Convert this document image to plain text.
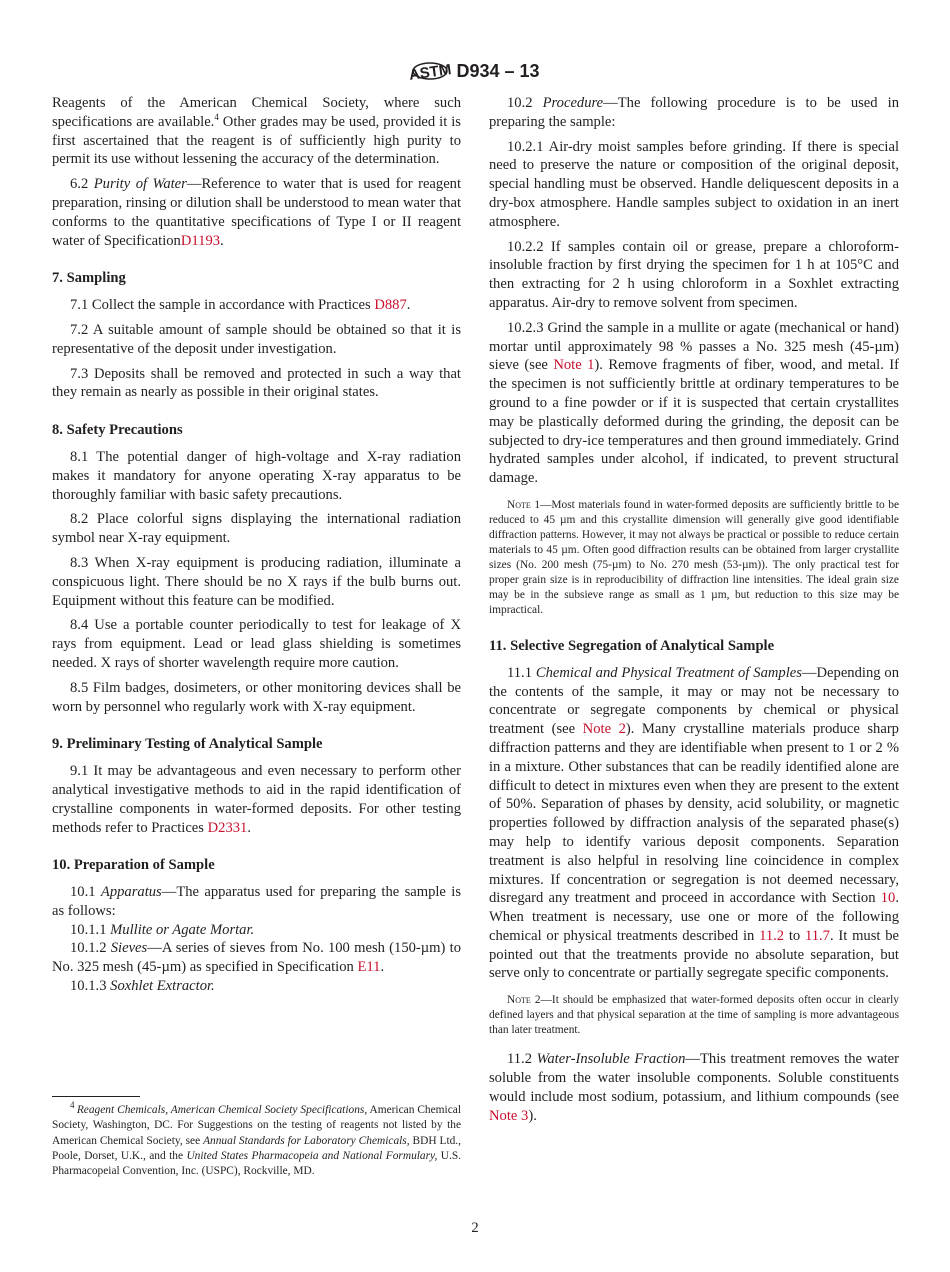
ASTM D934 – 13
Reagents of the American Chemical Society, where such specifications are available.$^4$ Other grades may be used, provided it is first ascertained that the reagent is of sufficiently high purity to permit its use without lessening the accuracy of the determination.
6.2 Purity of Water—Reference to water that is used for reagent preparation, rinsing or dilution shall be understood to mean water that conforms to the quantitative specifications of Type I or II reagent water of SpecificationD1193.
7. Sampling
7.1 Collect the sample in accordance with Practices D887.
7.2 A suitable amount of sample should be obtained so that it is representative of the deposit under investigation.
7.3 Deposits shall be removed and protected in such a way that they remain as nearly as possible in their original states.
8. Safety Precautions
8.1 The potential danger of high-voltage and X-ray radiation makes it mandatory for anyone operating X-ray apparatus to be thoroughly familiar with basic safety precautions.
8.2 Place colorful signs displaying the international radiation symbol near X-ray equipment.
8.3 When X-ray equipment is producing radiation, illuminate a conspicuous light. There should be no X rays if the bulb burns out. Equipment without this feature can be modified.
8.4 Use a portable counter periodically to test for leakage of X rays from equipment. Lead or lead glass shielding is sometimes needed. X rays of shorter wavelength require more caution.
8.5 Film badges, dosimeters, or other monitoring devices shall be worn by personnel who regularly work with X-ray equipment.
9. Preliminary Testing of Analytical Sample
9.1 It may be advantageous and even necessary to perform other analytical investigative methods to aid in the rapid identification of crystalline components in water-formed deposits. For other testing methods refer to Practices D2331.
10. Preparation of Sample
10.1 Apparatus—The apparatus used for preparing the sample is as follows:
10.1.1 Mullite or Agate Mortar.
10.1.2 Sieves—A series of sieves from No. 100 mesh (150-µm) to No. 325 mesh (45-µm) as specified in Specification E11.
10.1.3 Soxhlet Extractor.
10.2 Procedure—The following procedure is to be used in preparing the sample:
10.2.1 Air-dry moist samples before grinding. If there is special need to preserve the nature or composition of the original deposit, special handling must be observed. Handle deliquescent deposits in a dry-box atmosphere. Handle samples subject to oxidation in an inert atmosphere.
10.2.2 If samples contain oil or grease, prepare a chloroform-insoluble fraction by first drying the specimen for 1 h at 105°C and then extracting for 2 h using chloroform in a Soxhlet extracting apparatus. Air-dry to remove solvent from specimen.
10.2.3 Grind the sample in a mullite or agate (mechanical or hand) mortar until approximately 98 % passes a No. 325 mesh (45-µm) sieve (see Note 1). Remove fragments of fiber, wood, and metal. If the specimen is not sufficiently brittle at ordinary temperatures to be ground to a fine powder or if it is suspected that certain crystallites may be plastically deformed during the grinding, the deposit can be subjected to dry-ice temperatures and then ground immediately. Grind hydrated samples under alcohol, if indicated, to prevent structural damage.
Note 1—Most materials found in water-formed deposits are sufficiently brittle to be reduced to 45 µm and this crystallite dimension will generally give good identifiable diffraction patterns. However, it may not always be practical or possible to reduce certain materials to 45 µm. Often good diffraction results can be obtained from larger crystallite sizes (No. 200 mesh (75-µm) to No. 270 mesh (53-µm)). The only practical test for proper grain size is in reproducibility of diffraction line intensities. The ideal grain size may be in the subsieve range as small as 1 µm, but reduction to this size may be impractical.
11. Selective Segregation of Analytical Sample
11.1 Chemical and Physical Treatment of Samples—Depending on the contents of the sample, it may or may not be necessary to concentrate or segregate components by chemical or physical treatment (see Note 2). Many crystalline materials produce sharp diffraction patterns and they are identifiable when present to 1 or 2 % in a mixture. Other substances that can be readily identified alone are difficult to detect in mixtures even when they are present to the extent of 50%. Separation of phases by density, acid solubility, or magnetic properties followed by diffraction analysis of the separated phase(s) may help to identify various deposit components. Separation treatment is also helpful in resolving line coincidence in complex mixtures. If concentration or segregation is not deemed necessary, disregard any treatment and proceed in accordance with Section 10. When treatment is necessary, use one or more of the following chemical or physical treatments described in 11.2 to 11.7. It must be pointed out that the treatments provide no absolute separation, but serve only to concentrate or partially segregate specific components.
Note 2—It should be emphasized that water-formed deposits often occur in clearly defined layers and that physical separation at the time of sampling is more advantageous than later treatment.
11.2 Water-Insoluble Fraction—This treatment removes the water soluble from the water insoluble components. Soluble constituents would include most sodium, potassium, and lithium compounds (see Note 3).
$^4$ Reagent Chemicals, American Chemical Society Specifications, American Chemical Society, Washington, DC. For Suggestions on the testing of reagents not listed by the American Chemical Society, see Annual Standards for Laboratory Chemicals, BDH Ltd., Poole, Dorset, U.K., and the United States Pharmacopeia and National Formulary, U.S. Pharmacopeial Convention, Inc. (USPC), Rockville, MD.
2
